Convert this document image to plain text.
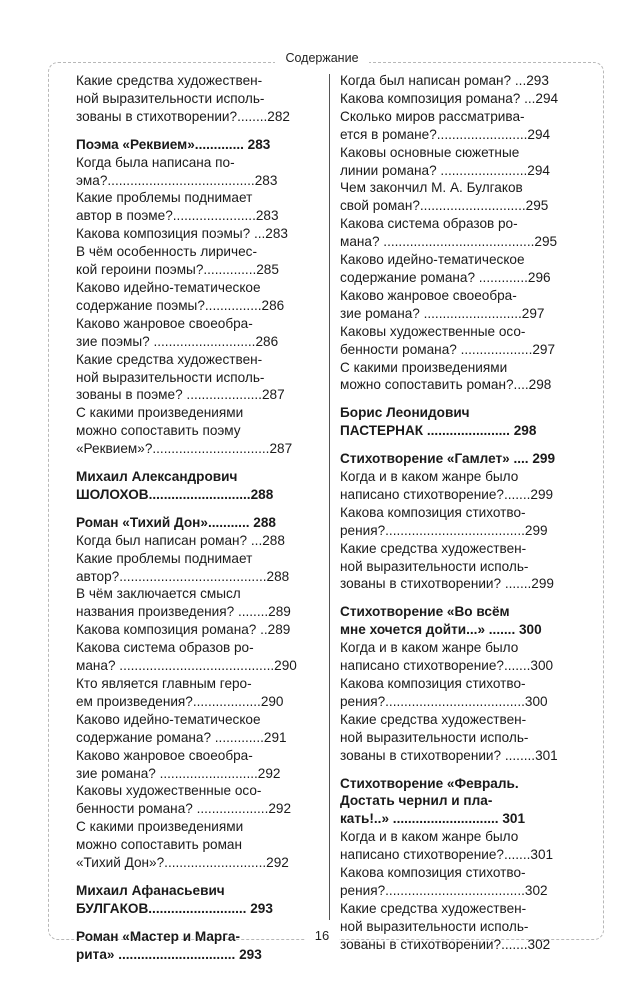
Содержание

Какие средства художествен-
ной выразительности исполь-
зованы в стихотворении?........282

Поэма «Реквием»............. 283

Когда была написана по-
эма?.......................................283

Какие проблемы поднимает
автор в поэме?......................283

Какова композиция поэмы? ...283

В чём особенность лиричес-
кой героини поэмы?..............285

Каково идейно-тематическое
содержание поэмы?...............286

Каково жанровое своеобра-
зие поэмы? ...........................286

Какие средства художествен-
ной выразительности исполь-
зованы в поэме? ....................287

С какими произведениями
можно сопоставить поэму
«Реквием»?...............................287

Михаил Александрович
ШОЛОХОВ...........................288

Роман «Тихий Дон»........... 288

Когда был написан роман? ...288

Какие проблемы поднимает
автор?.......................................288

В чём заключается смысл
названия произведения? ........289

Какова композиция романа? ..289

Какова система образов ро-
мана? .........................................290

Кто является главным геро-
ем произведения?..................290

Каково идейно-тематическое
содержание романа? .............291

Каково жанровое своеобра-
зие романа? ..........................292

Каковы художественные осо-
бенности романа? ...................292

С какими произведениями
можно сопоставить роман
«Тихий Дон»?...........................292

Михаил Афанасьевич
БУЛГАКОВ.......................... 293

Роман «Мастер и Марга-
рита» ............................... 293

Когда был написан роман? ...293

Какова композиция романа? ...294

Сколько миров рассматрива-
ется в романе?........................294

Каковы основные сюжетные
линии романа? .......................294

Чем закончил М. А. Булгаков
свой роман?............................295

Какова система образов ро-
мана? ........................................295

Каково идейно-тематическое
содержание романа? .............296

Каково жанровое своеобра-
зие романа? ..........................297

Каковы художественные осо-
бенности романа? ...................297

С какими произведениями
можно сопоставить роман?....298

Борис Леонидович
ПАСТЕРНАК ...................... 298

Стихотворение «Гамлет» .... 299

Когда и в каком жанре было
написано стихотворение?.......299

Какова композиция стихотво-
рения?.....................................299

Какие средства художествен-
ной выразительности исполь-
зованы в стихотворении? .......299

Стихотворение «Во всём
мне хочется дойти...» ....... 300

Когда и в каком жанре было
написано стихотворение?.......300

Какова композиция стихотво-
рения?.....................................300

Какие средства художествен-
ной выразительности исполь-
зованы в стихотворении? ........301

Стихотворение «Февраль.
Достать чернил и пла-
кать!..» ............................ 301

Когда и в каком жанре было
написано стихотворение?.......301

Какова композиция стихотво-
рения?.....................................302

Какие средства художествен-
ной выразительности исполь-
зованы в стихотворении?.......302

16
